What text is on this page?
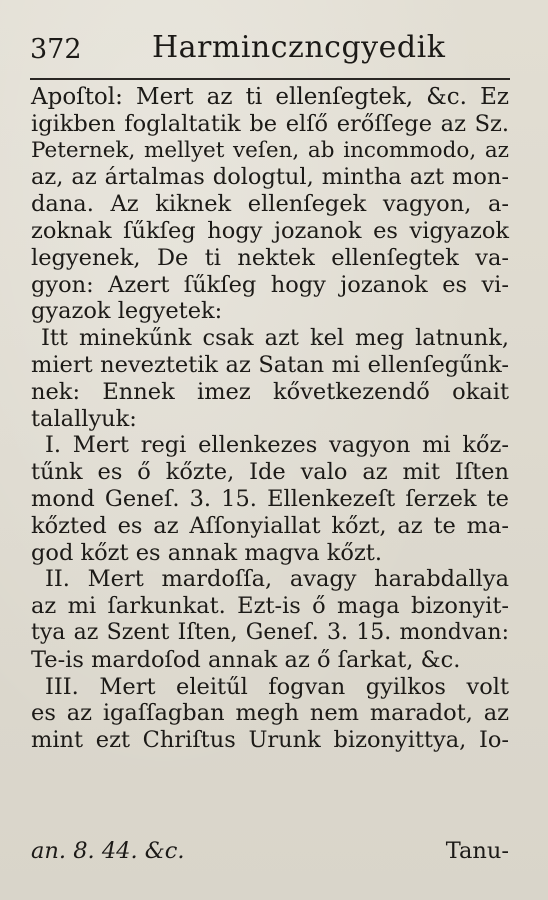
372 Harminczncgyedik
Apoſtol: Mert az ti ellenſegtek, &c. Ez
igikben foglaltatik be elſő erőſſege az Sz.
Peternek, mellyet veſen, ab incommodo, az
az, az ártalmas dologtul, mintha azt mon-
dana. Az kiknek ellenſegek vagyon, a-
zoknak ſűkſeg hogy jozanok es vigyazok
legyenek, De ti nektek ellenſegtek va-
gyon: Azert ſűkſeg hogy jozanok es vi-
gyazok legyetek:
Itt minekűnk csak azt kel meg latnunk,
miert neveztetik az Satan mi ellenſegűnk-
nek: Ennek imez kővetkezendő okait
talallyuk:
I. Mert regi ellenkezes vagyon mi kőz-
tűnk es ő kőzte, Ide valo az mit Iſten
mond Geneſ. 3. 15. Ellenkezeſt ſerzek te
kőzted es az Aſſonyiallat kőzt, az te ma-
god kőzt es annak magva kőzt.
II. Mert mardoſſa, avagy harabdallya
az mi ſarkunkat. Ezt-is ő maga bizonyit-
tya az Szent Iſten, Geneſ. 3. 15. mondvan:
Te-is mardoſod annak az ő ſarkat, &c.
III. Mert eleitűl fogvan gyilkos volt
es az igaſſagban megh nem maradot, az
mint ezt Chriſtus Urunk bizonyittya, Io-
an. 8. 44. &c.	Tanu-
